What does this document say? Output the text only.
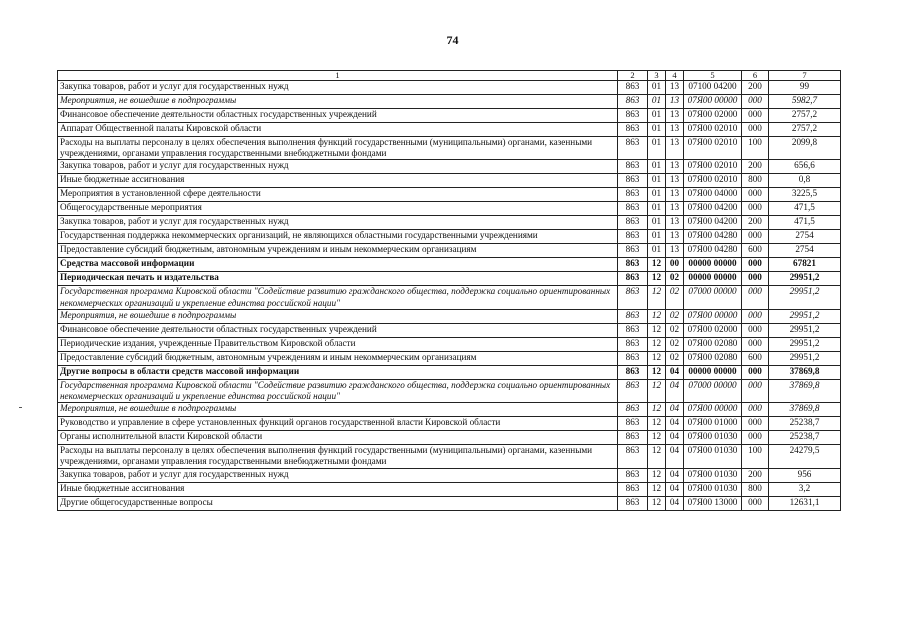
74
1	2	3	4	5	6	7
Закупка товаров, работ и услуг для государственных нужд	863	01	13	07100 04200	200	99
Мероприятия, не вошедшие в подпрограммы	863	01	13	07Я00 00000	000	5982,7
Финансовое обеспечение деятельности областных государственных учреждений	863	01	13	07Я00 02000	000	2757,2
Аппарат Общественной палаты Кировской области	863	01	13	07Я00 02010	000	2757,2
Расходы на выплаты персоналу в целях обеспечения выполнения функций государственными (муниципальными) органами, казенными учреждениями, органами управления государственными внебюджетными фондами	863	01	13	07Я00 02010	100	2099,8
Закупка товаров, работ и услуг для государственных нужд	863	01	13	07Я00 02010	200	656,6
Иные бюджетные ассигнования	863	01	13	07Я00 02010	800	0,8
Мероприятия в установленной сфере деятельности	863	01	13	07Я00 04000	000	3225,5
Общегосударственные мероприятия	863	01	13	07Я00 04200	000	471,5
Закупка товаров, работ и услуг для государственных нужд	863	01	13	07Я00 04200	200	471,5
Государственная поддержка некоммерческих организаций, не являющихся областными государственными учреждениями	863	01	13	07Я00 04280	000	2754
Предоставление субсидий бюджетным, автономным учреждениям и иным некоммерческим организациям	863	01	13	07Я00 04280	600	2754
Средства массовой информации	863	12	00	00000 00000	000	67821
Периодическая печать и издательства	863	12	02	00000 00000	000	29951,2
Государственная программа Кировской области "Содействие развитию гражданского общества, поддержка социально ориентированных некоммерческих организаций и укрепление единства российской нации"	863	12	02	07000 00000	000	29951,2
Мероприятия, не вошедшие в подпрограммы	863	12	02	07Я00 00000	000	29951,2
Финансовое обеспечение деятельности областных государственных учреждений	863	12	02	07Я00 02000	000	29951,2
Периодические издания, учрежденные Правительством Кировской области	863	12	02	07Я00 02080	000	29951,2
Предоставление субсидий бюджетным, автономным учреждениям и иным некоммерческим организациям	863	12	02	07Я00 02080	600	29951,2
Другие вопросы в области средств массовой информации	863	12	04	00000 00000	000	37869,8
Государственная программа Кировской области "Содействие развитию гражданского общества, поддержка социально ориентированных некоммерческих организаций и укрепление единства российской нации"	863	12	04	07000 00000	000	37869,8
Мероприятия, не вошедшие в подпрограммы	863	12	04	07Я00 00000	000	37869,8
Руководство и управление в сфере установленных функций органов государственной власти Кировской области	863	12	04	07Я00 01000	000	25238,7
Органы исполнительной власти Кировской области	863	12	04	07Я00 01030	000	25238,7
Расходы на выплаты персоналу в целях обеспечения выполнения функций государственными (муниципальными) органами, казенными учреждениями, органами управления государственными внебюджетными фондами	863	12	04	07Я00 01030	100	24279,5
Закупка товаров, работ и услуг для государственных нужд	863	12	04	07Я00 01030	200	956
Иные бюджетные ассигнования	863	12	04	07Я00 01030	800	3,2
Другие общегосударственные вопросы	863	12	04	07Я00 13000	000	12631,1
